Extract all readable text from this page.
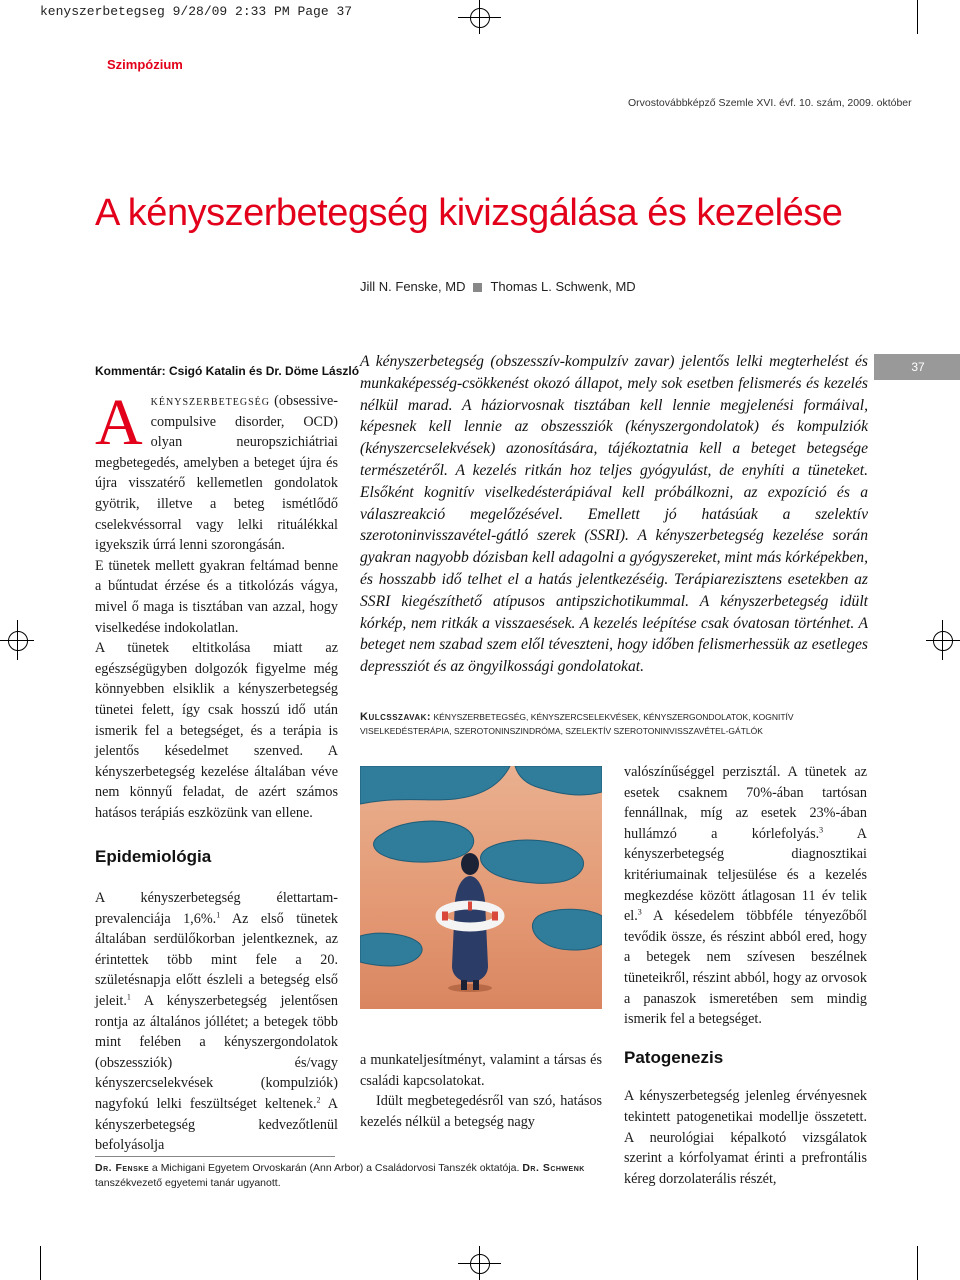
kenyszerbetegseg 9/28/09 2:33 PM Page 37
Szimpózium
Orvostovábbképző Szemle XVI. évf. 10. szám, 2009. október
A kényszerbetegség kivizsgálása és kezelése
Jill N. Fenske, MD Thomas L. Schwenk, MD
Kommentár: Csigó Katalin és Dr. Döme László	37

Akényszerbetegség (obsessive-compulsive disorder, OCD) olyan neuropszichiátriai megbetegedés, amelyben a beteget újra és újra visszatérő kellemetlen gondolatok gyötrik, illetve a beteg ismétlődő cselekvéssorral vagy lelki rituálékkal igyekszik úrrá lenni szorongásán.

E tünetek mellett gyakran feltámad benne a bűntudat érzése és a titkolózás vágya, mivel ő maga is tisztában van azzal, hogy viselkedése indokolatlan.

A tünetek eltitkolása miatt az egészségügyben dolgozók figyelme még könnyebben elsiklik a kényszerbetegség tünetei felett, így csak hosszú idő után ismerik fel a betegséget, és a terápia is jelentős késedelmet szenved. A kényszerbetegség kezelése általában véve nem könnyű feladat, de azért számos hatásos terápiás eszközünk van ellene.

Epidemiológia

A kényszerbetegség élettartam-prevalenciája 1,6%.$^1$ Az első tünetek általában serdülőkorban jelentkeznek, az érintettek több mint fele a 20. születésnapja előtt észleli a betegség első jeleit.$^1$ A kényszerbetegség jelentősen rontja az általános jóllétet; a betegek több mint felében a kényszergondolatok (obszessziók) és/vagy kényszercselekvések (kompulziók) nagyfokú lelki feszültséget keltenek.$^2$ A kényszerbetegség kedvezőtlenül befolyásolja

A kényszerbetegség (obszesszív-kompulzív zavar) jelentős lelki megterhelést és munkaképesség-csökkenést okozó állapot, mely sok esetben felismerés és kezelés nélkül marad. A háziorvosnak tisztában kell lennie megjelenési formáival, képesnek kell lennie az obszessziók (kényszergondolatok) és kompulziók (kényszercselekvések) azonosítására, tájékoztatnia kell a beteget betegsége természetéről. A kezelés ritkán hoz teljes gyógyulást, de enyhíti a tüneteket. Elsőként kognitív viselkedésterápiával kell próbálkozni, az expozíció és a válaszreakció megelőzésével. Emellett jó hatásúak a szelektív szerotoninvisszavétel-gátló szerek (SSRI). A kényszerbetegség kezelése során gyakran nagyobb dózisban kell adagolni a gyógyszereket, mint más kórképekben, és hosszabb idő telhet el a hatás jelentkezéséig. Terápiarezisztens esetekben az SSRI kiegészíthető atípusos antipszichotikummal. A kényszerbetegség idült kórkép, nem ritkák a visszaesések. A kezelés leépítése csak óvatosan történhet. A beteget nem szabad szem elől téveszteni, hogy időben felismerhessük az esetleges depressziót és az öngyilkossági gondolatokat.
Kulcsszavak: KÉNYSZERBETEGSÉG, KÉNYSZERCSELEKVÉSEK, KÉNYSZERGONDOLATOK, KOGNITÍV VISELKEDÉSTERÁPIA, SZEROTONINSZINDRÓMA, SZELEKTÍV SZEROTONINVISSZAVÉTEL-GÁTLÓK

a munkateljesítményt, valamint a társas és családi kapcsolatokat.

Idült megbetegedésről van szó, hatásos kezelés nélkül a betegség nagy

valószínűséggel perzisztál. A tünetek az esetek csaknem 70%-ában tartósan fennállnak, míg az esetek 23%-ában hullámzó a kórlefolyás.$^3$ A kényszerbetegség diagnosztikai kritériumainak teljesülése és a kezelés megkezdése között átlagosan 11 év telik el.$^3$ A késedelem többféle tényezőből tevődik össze, és részint abból ered, hogy a betegek nem szívesen beszélnek tüneteikről, részint abból, hogy az orvosok a panaszok ismeretében sem mindig ismerik fel a betegséget.

Patogenezis

A kényszerbetegség jelenleg érvényesnek tekintett patogenetikai modellje összetett. A neurológiai képalkotó vizsgálatok szerint a kórfolyamat érinti a prefrontális kéreg dorzolaterális részét,

Dr. Fenske a Michigani Egyetem Orvoskarán (Ann Arbor) a Családorvosi Tanszék oktatója. Dr. Schwenk tanszékvezető egyetemi tanár ugyanott.
